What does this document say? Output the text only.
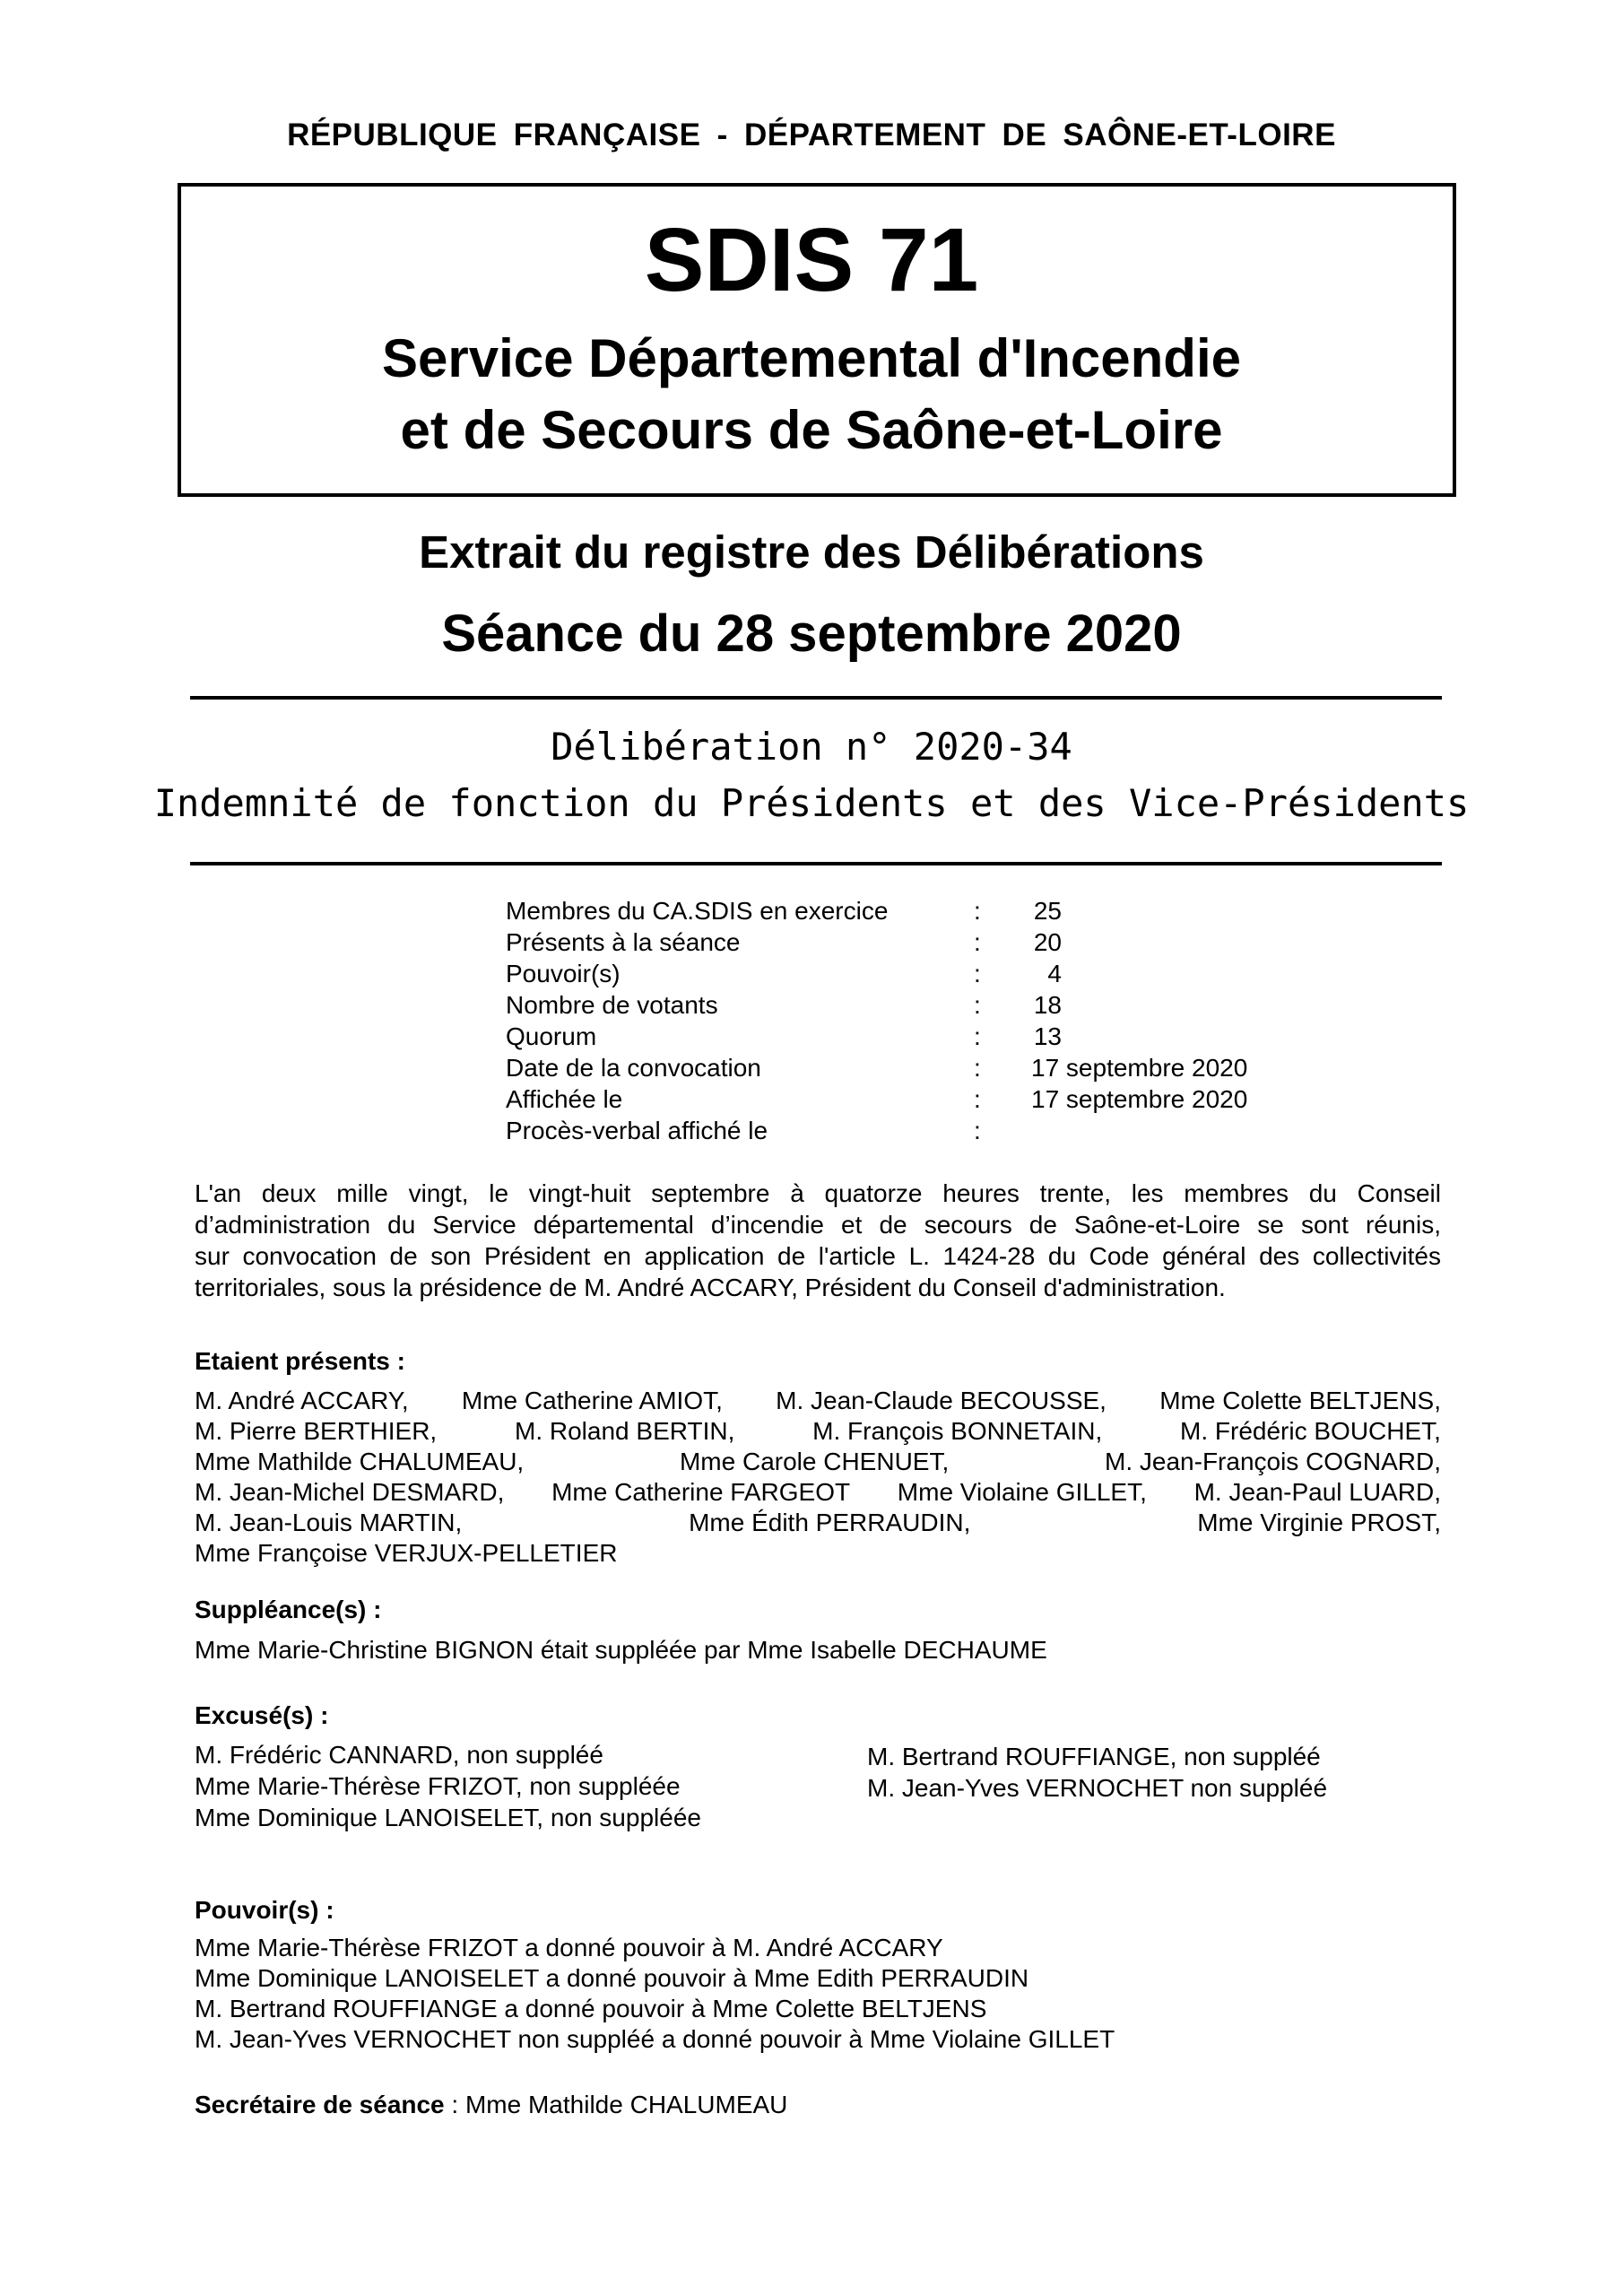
RÉPUBLIQUE FRANÇAISE - DÉPARTEMENT DE SAÔNE-ET-LOIRE
SDIS 71
Service Départemental d'Incendie
et de Secours de Saône-et-Loire
Extrait du registre des Délibérations
Séance du 28 septembre 2020
Délibération n° 2020-34
Indemnité de fonction du Présidents et des Vice-Présidents
Membres du CA.SDIS en exercice	: 25
Présents à la séance	: 20
Pouvoir(s)	:	4
Nombre de votants	: 18
Quorum	: 13
Date de la convocation	: 17 septembre 2020
Affichée le	: 17 septembre 2020
Procès-verbal affiché le	:
L'an deux mille vingt, le vingt-huit septembre à quatorze heures trente, les membres du Conseil
d’administration du Service départemental d’incendie et de secours de Saône-et-Loire se sont réunis,
sur convocation de son Président en application de l'article L. 1424-28 du Code général des collectivités
territoriales, sous la présidence de M. André ACCARY, Président du Conseil d'administration.
Etaient présents :
M. André ACCARY, Mme Catherine AMIOT, M. Jean-Claude BECOUSSE, Mme Colette BELTJENS,
M. Pierre BERTHIER,	M. Roland BERTIN,	M. François BONNETAIN,	M. Frédéric BOUCHET,
Mme Mathilde CHALUMEAU,	Mme Carole CHENUET,	M. Jean-François COGNARD,
M. Jean-Michel DESMARD, Mme Catherine FARGEOT Mme Violaine GILLET, M. Jean-Paul LUARD,
M. Jean-Louis MARTIN,	Mme Édith PERRAUDIN,	Mme Virginie PROST,
Mme Françoise VERJUX-PELLETIER
Suppléance(s) :
Mme Marie-Christine BIGNON était suppléée par Mme Isabelle DECHAUME
Excusé(s) :
M. Frédéric CANNARD, non suppléé
Mme Marie-Thérèse FRIZOT, non suppléée
Mme Dominique LANOISELET, non suppléée
M. Bertrand ROUFFIANGE, non suppléé
M. Jean-Yves VERNOCHET non suppléé
Pouvoir(s) :
Mme Marie-Thérèse FRIZOT a donné pouvoir à M. André ACCARY
Mme Dominique LANOISELET a donné pouvoir à Mme Edith PERRAUDIN
M. Bertrand ROUFFIANGE a donné pouvoir à Mme Colette BELTJENS
M. Jean-Yves VERNOCHET non suppléé a donné pouvoir à Mme Violaine GILLET
Secrétaire de séance : Mme Mathilde CHALUMEAU
